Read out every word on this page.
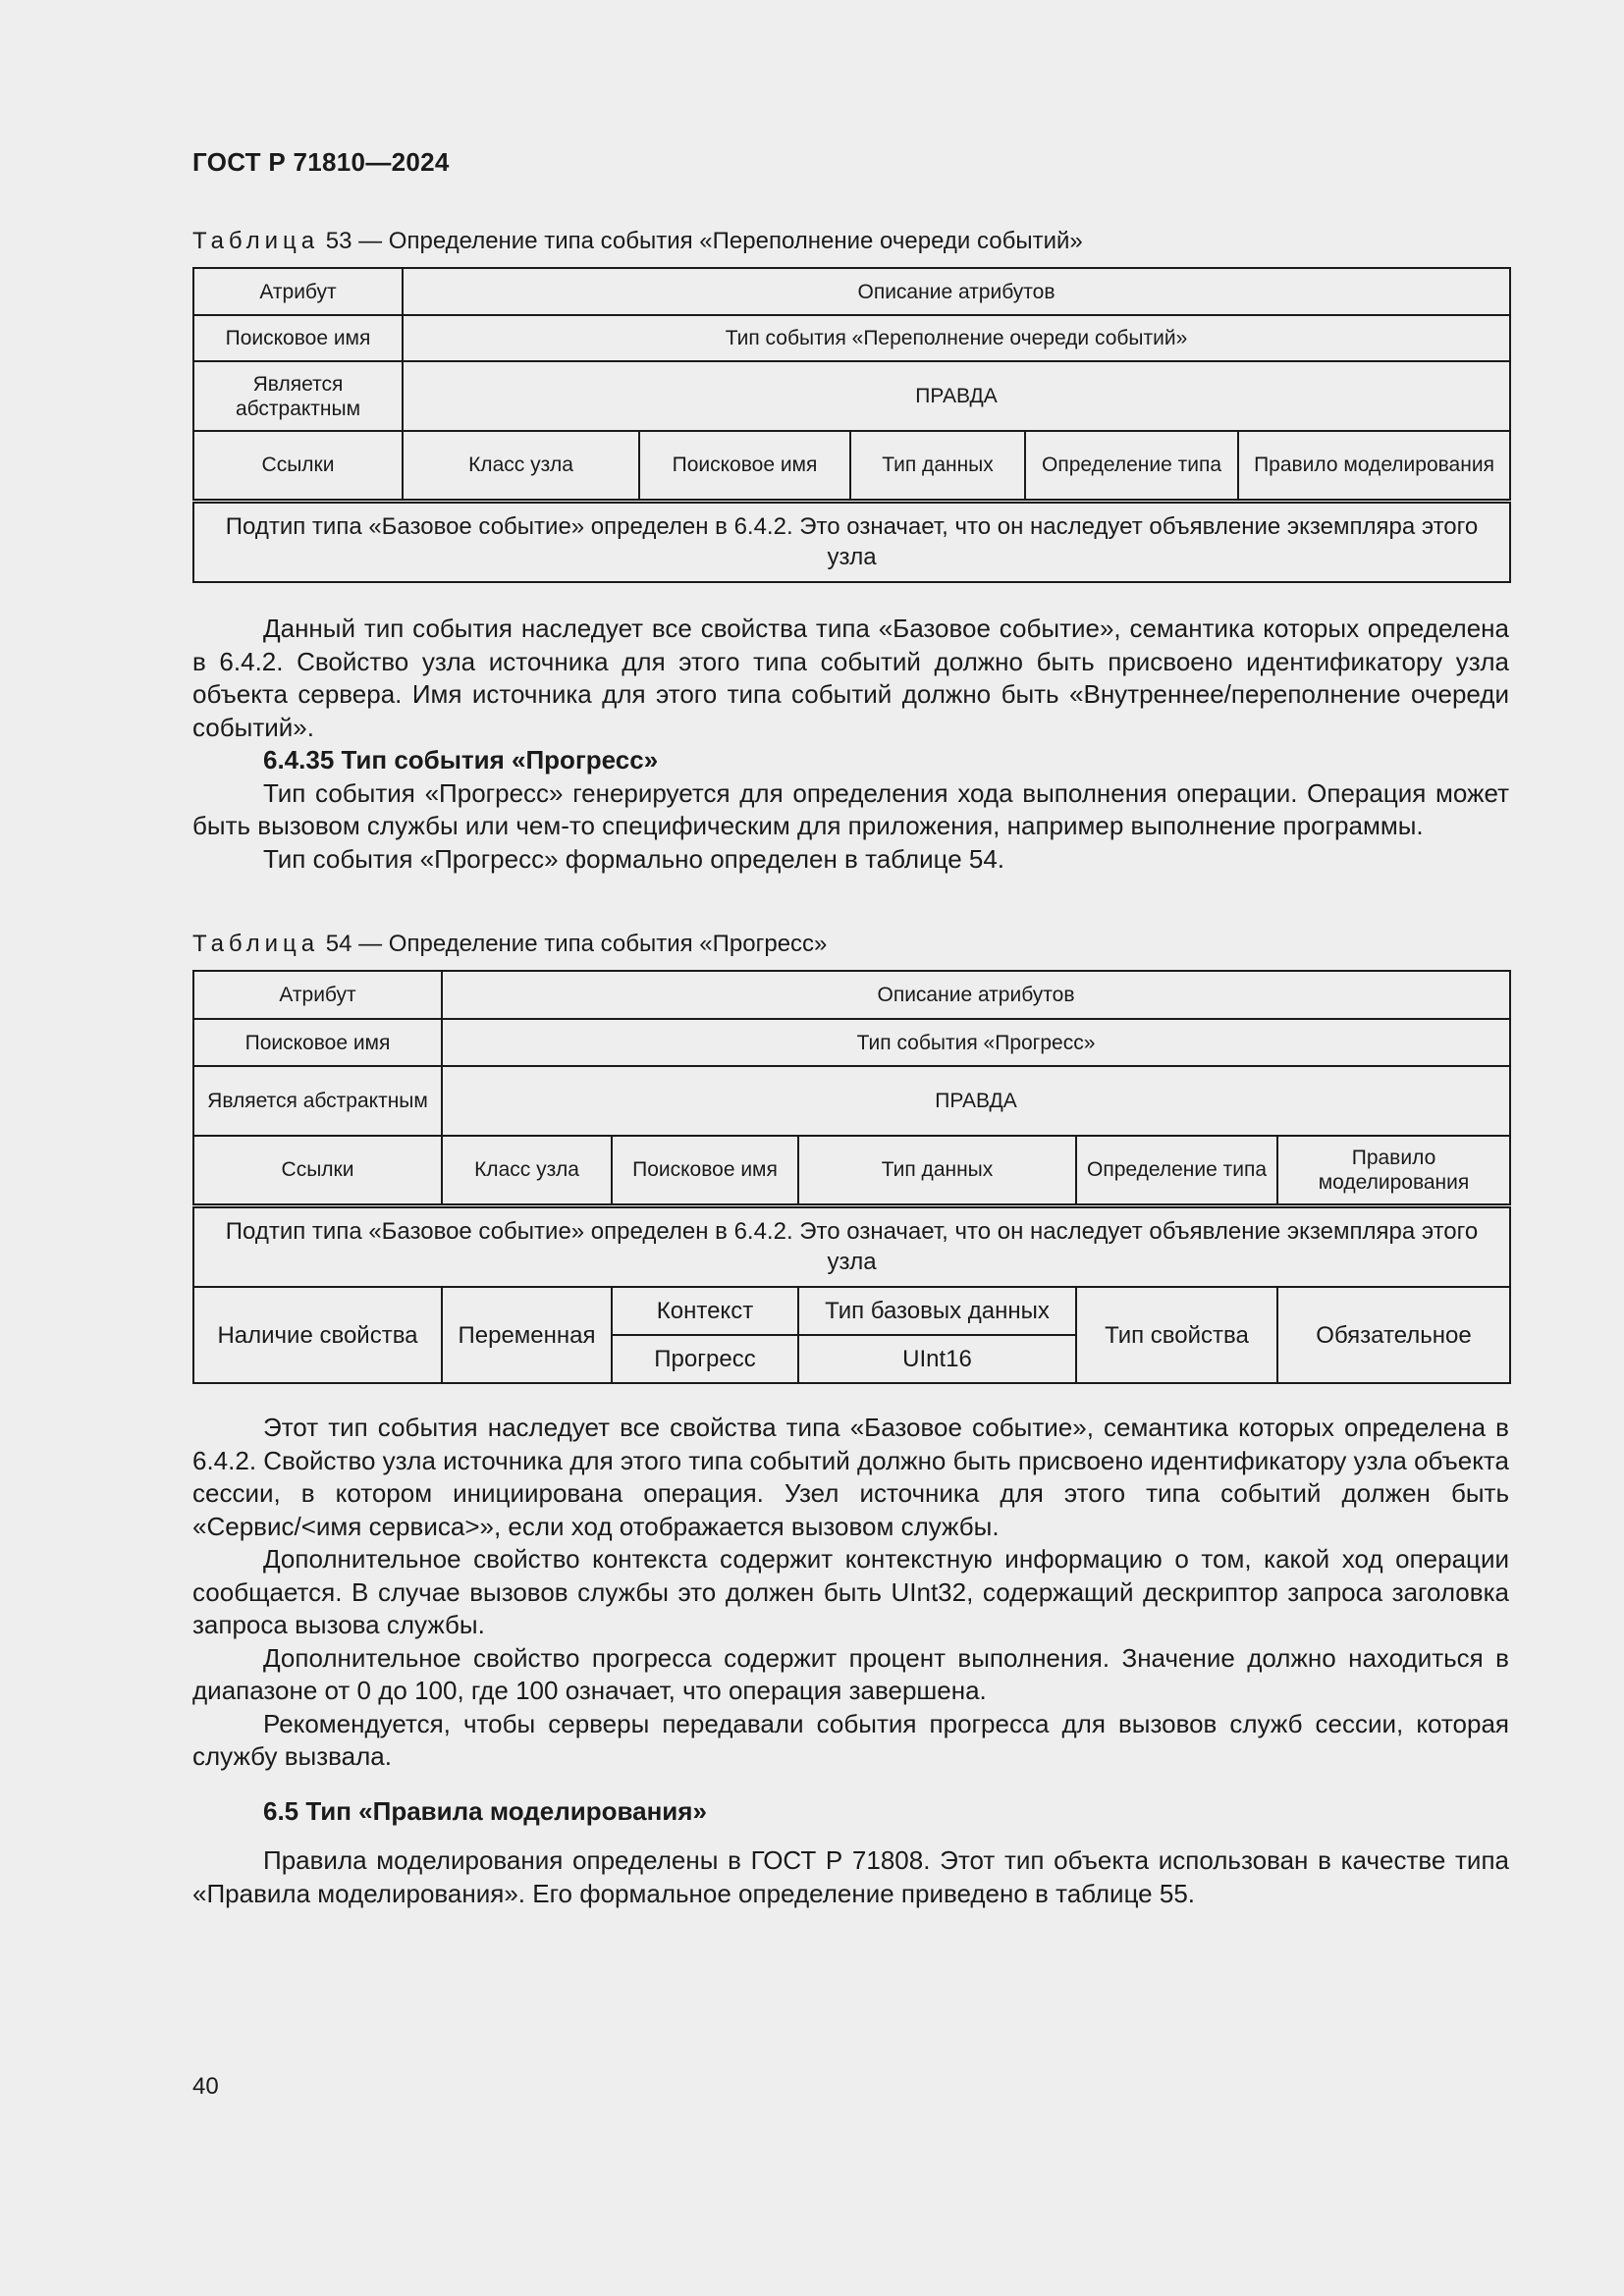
ГОСТ Р 71810—2024
Таблица 53 — Определение типа события «Переполнение очереди событий»
Атрибут	Описание атрибутов				
Поисковое имя	Тип события «Переполнение очереди событий»				
Является абстрактным	ПРАВДА				
Ссылки	Класс узла	Поисковое имя	Тип данных	Определение типа	Правило моделирования
Подтип типа «Базовое событие» определен в 6.4.2. Это означает, что он наследует объявление экземпляра этого узла					

Данный тип события наследует все свойства типа «Базовое событие», семантика которых определена в 6.4.2. Свойство узла источника для этого типа событий должно быть присвоено идентификатору узла объекта сервера. Имя источника для этого типа событий должно быть «Внутреннее/переполнение очереди событий».

6.4.35 Тип события «Прогресс»

Тип события «Прогресс» генерируется для определения хода выполнения операции. Операция может быть вызовом службы или чем-то специфическим для приложения, например выполнение программы.

Тип события «Прогресс» формально определен в таблице 54.

Таблица 54 — Определение типа события «Прогресс»
Атрибут	Описание атрибутов				
Поисковое имя	Тип события «Прогресс»				
Является абстрактным	ПРАВДА				
Ссылки	Класс узла	Поисковое имя	Тип данных	Определение типа	Правило моделирования
Подтип типа «Базовое событие» определен в 6.4.2. Это означает, что он наследует объявление экземпляра этого узла					
Наличие свойства	Переменная	Контекст	Тип базовых данных	Тип свойства	Обязательное
		Прогресс	UInt16		

Этот тип события наследует все свойства типа «Базовое событие», семантика которых определена в 6.4.2. Свойство узла источника для этого типа событий должно быть присвоено идентификатору узла объекта сессии, в котором инициирована операция. Узел источника для этого типа событий должен быть «Сервис/<имя сервиса>», если ход отображается вызовом службы.

Дополнительное свойство контекста содержит контекстную информацию о том, какой ход операции сообщается. В случае вызовов службы это должен быть UInt32, содержащий дескриптор запроса заголовка запроса вызова службы.

Дополнительное свойство прогресса содержит процент выполнения. Значение должно находиться в диапазоне от 0 до 100, где 100 означает, что операция завершена.

Рекомендуется, чтобы серверы передавали события прогресса для вызовов служб сессии, которая службу вызвала.

6.5 Тип «Правила моделирования»

Правила моделирования определены в ГОСТ Р 71808. Этот тип объекта использован в качестве типа «Правила моделирования». Его формальное определение приведено в таблице 55.

40
